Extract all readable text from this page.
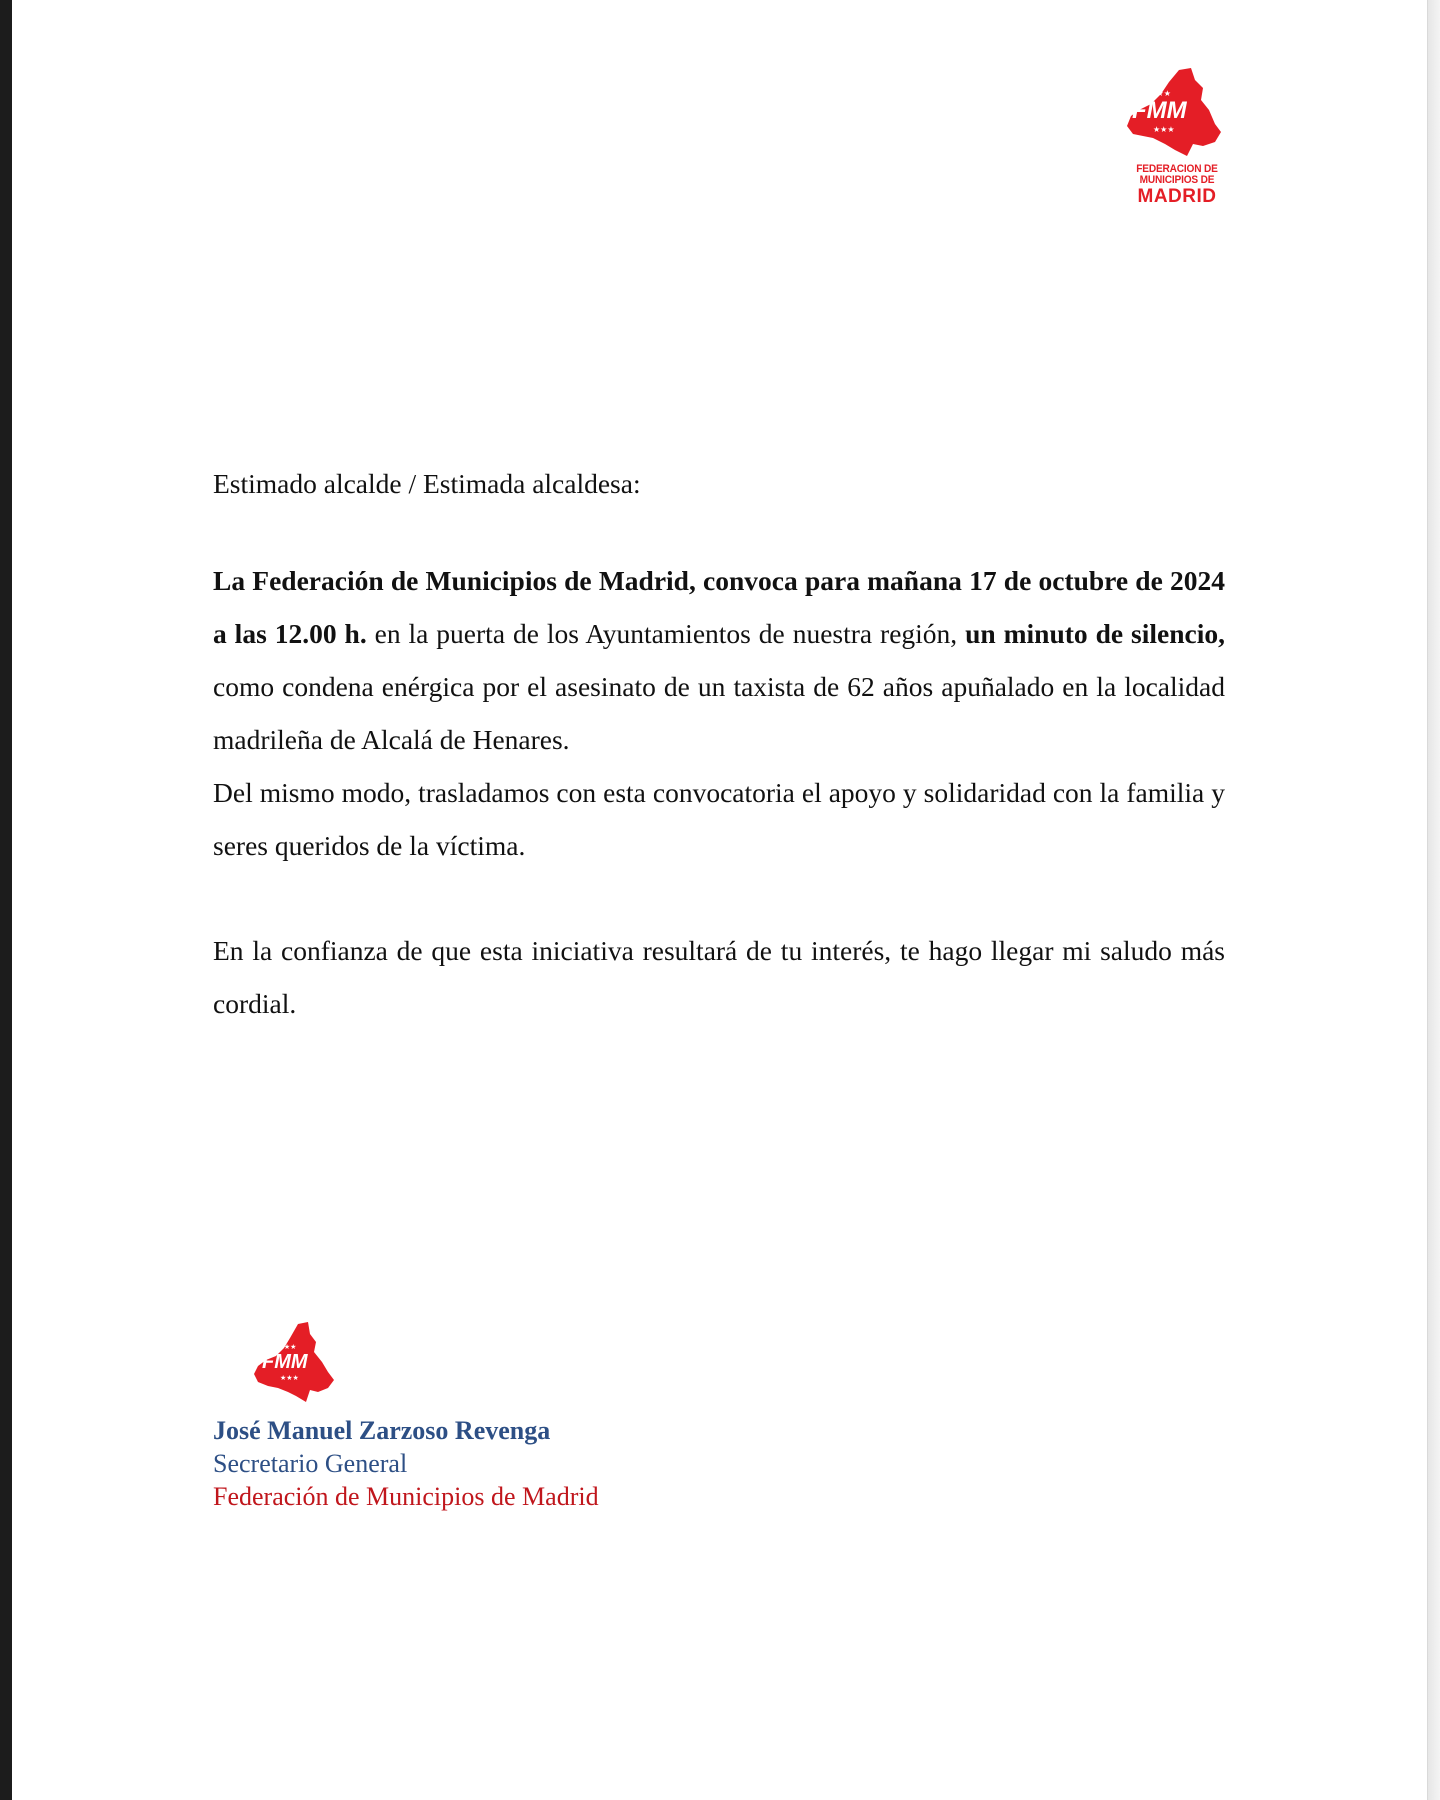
★★★★★
FMM
★★★
FEDERACION DE
MUNICIPIOS DE
MADRID

Estimado alcalde / Estimada alcaldesa:

La Federación de Municipios de Madrid, convoca para mañana 17 de octubre de 2024 a las 12.00 h. en la puerta de los Ayuntamientos de nuestra región, un minuto de silencio, como condena enérgica por el asesinato de un taxista de 62 años apuñalado en la localidad madrileña de Alcalá de Henares.

Del mismo modo, trasladamos con esta convocatoria el apoyo y solidaridad con la familia y seres queridos de la víctima.

En la confianza de que esta iniciativa resultará de tu interés, te hago llegar mi saludo más cordial.

★★★★★
FMM
★★★
José Manuel Zarzoso Revenga
Secretario General
Federación de Municipios de Madrid
